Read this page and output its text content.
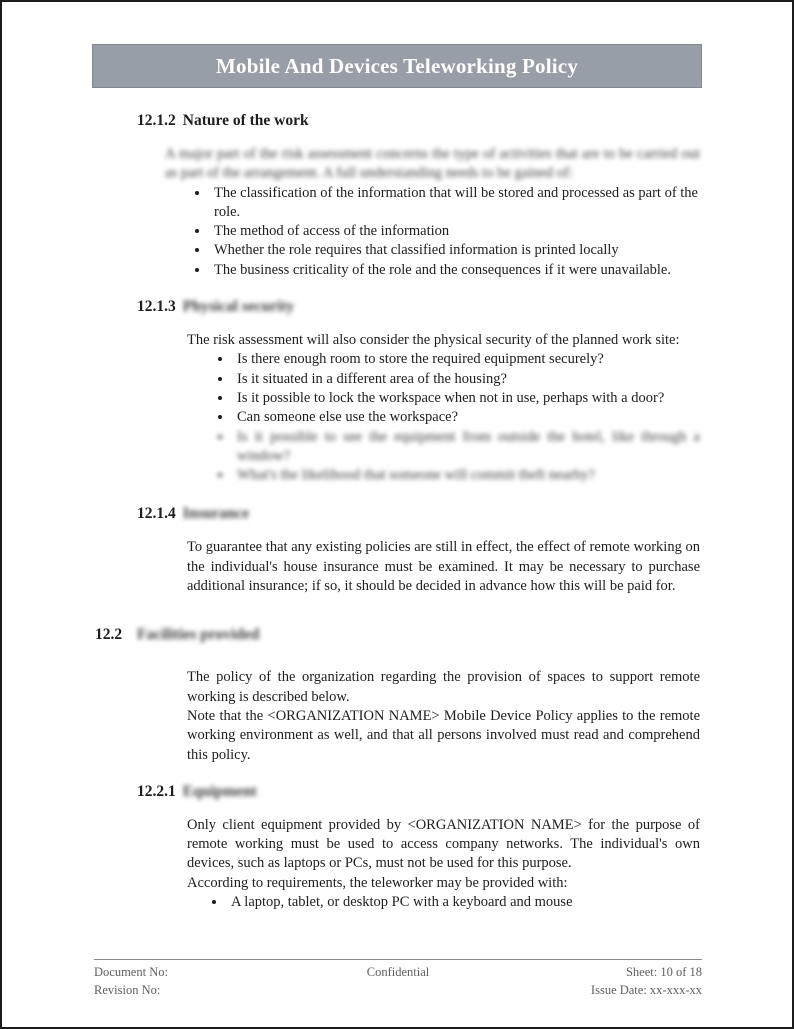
Mobile And Devices Teleworking Policy
12.1.2 Nature of the work

A major part of the risk assessment concerns the type of activities that are to be carried out as part of the arrangement. A full understanding needs to be gained of:

• The classification of the information that will be stored and processed as part of the role.
• The method of access of the information
• Whether the role requires that classified information is printed locally
• The business criticality of the role and the consequences if it were unavailable.
12.1.3 Physical security

The risk assessment will also consider the physical security of the planned work site:

• Is there enough room to store the required equipment securely?
• Is it situated in a different area of the housing?
• Is it possible to lock the workspace when not in use, perhaps with a door?
• Can someone else use the workspace?
• Is it possible to see the equipment from outside the hotel, like through a window?
• What's the likelihood that someone will commit theft nearby?
12.1.4 Insurance

To guarantee that any existing policies are still in effect, the effect of remote working on the individual's house insurance must be examined. It may be necessary to purchase additional insurance; if so, it should be decided in advance how this will be paid for.

12.2 Facilities provided

The policy of the organization regarding the provision of spaces to support remote working is described below.

Note that the <ORGANIZATION NAME> Mobile Device Policy applies to the remote working environment as well, and that all persons involved must read and comprehend this policy.

12.2.1 Equipment

Only client equipment provided by <ORGANIZATION NAME> for the purpose of remote working must be used to access company networks. The individual's own devices, such as laptops or PCs, must not be used for this purpose.

According to requirements, the teleworker may be provided with:

• A laptop, tablet, or desktop PC with a keyboard and mouse
Document No:
Revision No:
Confidential	Sheet: 10 of 18
Issue Date: xx-xxx-xx
